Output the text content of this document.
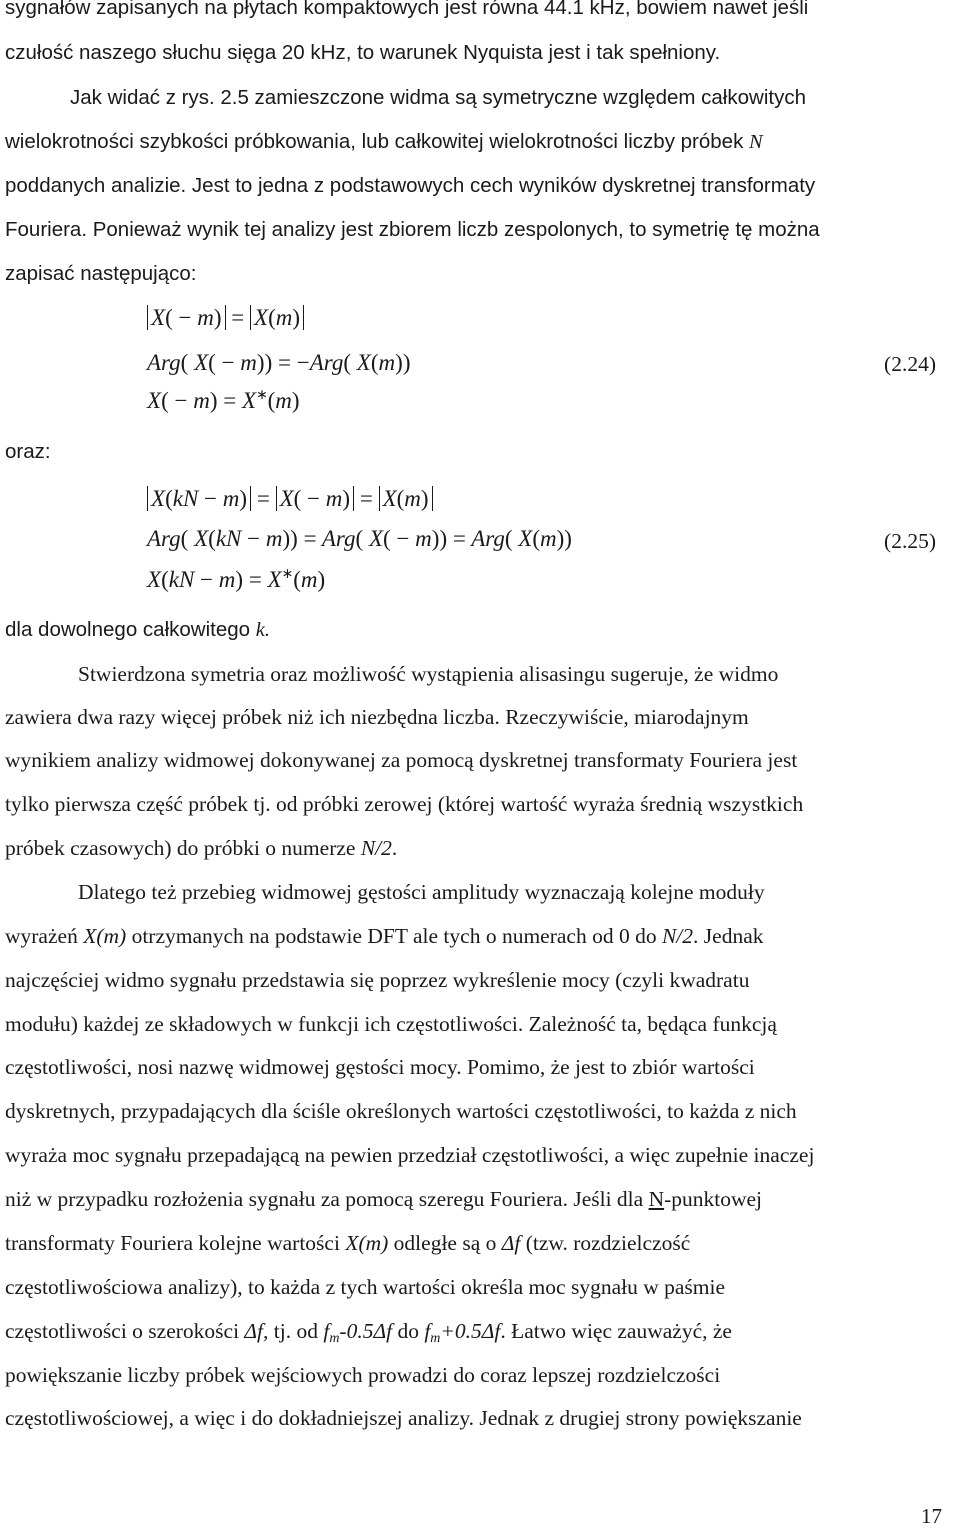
sygnałów zapisanych na płytach kompaktowych jest równa 44.1 kHz, bowiem nawet jeśli

czułość naszego słuchu sięga 20 kHz, to warunek Nyquista jest i tak spełniony.

Jak widać z rys. 2.5 zamieszczone widma są symetryczne względem całkowitych

wielokrotności szybkości próbkowania, lub całkowitej wielokrotności liczby próbek N

poddanych analizie. Jest to jedna z podstawowych cech wyników dyskretnej transformaty

Fouriera. Ponieważ wynik tej analizy jest zbiorem liczb zespolonych, to symetrię tę można

zapisać następująco:

X( − m) = X(m)
Arg( X( − m)) = −Arg( X(m))
X( − m) = X∗(m)
(2.24)

oraz:

X(kN − m) = X( − m) = X(m)
Arg( X(kN − m)) = Arg( X( − m)) = Arg( X(m))
X(kN − m) = X∗(m)
(2.25)

dla dowolnego całkowitego k.

Stwierdzona symetria oraz możliwość wystąpienia alisasingu sugeruje, że widmo

zawiera dwa razy więcej próbek niż ich niezbędna liczba. Rzeczywiście, miarodajnym

wynikiem analizy widmowej dokonywanej za pomocą dyskretnej transformaty Fouriera jest

tylko pierwsza część próbek tj. od próbki zerowej (której wartość wyraża średnią wszystkich

próbek czasowych) do próbki o numerze N/2.

Dlatego też przebieg widmowej gęstości amplitudy wyznaczają kolejne moduły

wyrażeń X(m) otrzymanych na podstawie DFT ale tych o numerach od 0 do N/2. Jednak

najczęściej widmo sygnału przedstawia się poprzez wykreślenie mocy (czyli kwadratu

modułu) każdej ze składowych w funkcji ich częstotliwości. Zależność ta, będąca funkcją

częstotliwości, nosi nazwę widmowej gęstości mocy. Pomimo, że jest to zbiór wartości

dyskretnych, przypadających dla ściśle określonych wartości częstotliwości, to każda z nich

wyraża moc sygnału przepadającą na pewien przedział częstotliwości, a więc zupełnie inaczej

niż w przypadku rozłożenia sygnału za pomocą szeregu Fouriera. Jeśli dla N-punktowej

transformaty Fouriera kolejne wartości X(m) odległe są o Δf (tzw. rozdzielczość

częstotliwościowa analizy), to każda z tych wartości określa moc sygnału w paśmie

częstotliwości o szerokości Δf, tj. od $f_m-0.5\Delta f$ do $f_m+0.5\Delta f$. Łatwo więc zauważyć, że

powiększanie liczby próbek wejściowych prowadzi do coraz lepszej rozdzielczości

częstotliwościowej, a więc i do dokładniejszej analizy. Jednak z drugiej strony powiększanie

17
